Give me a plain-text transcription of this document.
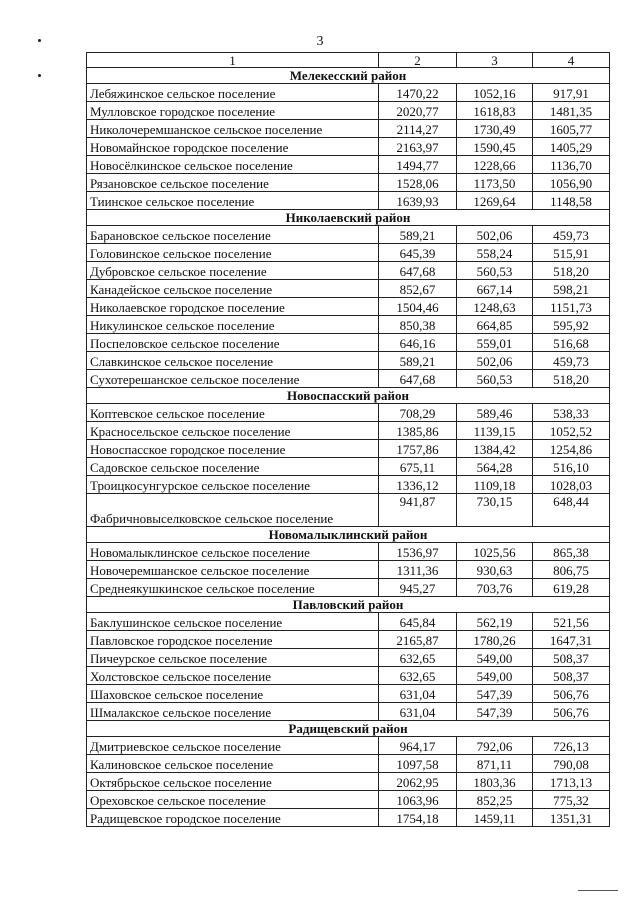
3
1	2	3	4
Мелекесский район			
Лебяжинское сельское поселение	1470,22	1052,16	917,91
Мулловское городское поселение	2020,77	1618,83	1481,35
Николочеремшанское сельское поселение	2114,27	1730,49	1605,77
Новомайнское городское поселение	2163,97	1590,45	1405,29
Новосёлкинское сельское поселение	1494,77	1228,66	1136,70
Рязановское сельское поселение	1528,06	1173,50	1056,90
Тиинское сельское поселение	1639,93	1269,64	1148,58
Николаевский район			
Барановское сельское поселение	589,21	502,06	459,73
Головинское сельское поселение	645,39	558,24	515,91
Дубровское сельское поселение	647,68	560,53	518,20
Канадейское сельское поселение	852,67	667,14	598,21
Николаевское городское поселение	1504,46	1248,63	1151,73
Никулинское сельское поселение	850,38	664,85	595,92
Поспеловское сельское поселение	646,16	559,01	516,68
Славкинское сельское поселение	589,21	502,06	459,73
Сухотерешанское сельское поселение	647,68	560,53	518,20
Новоспасский район			
Коптевское сельское поселение	708,29	589,46	538,33
Красносельское сельское поселение	1385,86	1139,15	1052,52
Новоспасское городское поселение	1757,86	1384,42	1254,86
Садовское сельское поселение	675,11	564,28	516,10
Троицкосунгурское сельское поселение	1336,12	1109,18	1028,03
Фабричновыселковское сельское поселение	941,87	730,15	648,44
Новомалыклинский район			
Новомалыклинское сельское поселение	1536,97	1025,56	865,38
Новочеремшанское сельское поселение	1311,36	930,63	806,75
Среднеякушкинское сельское поселение	945,27	703,76	619,28
Павловский район			
Баклушинское сельское поселение	645,84	562,19	521,56
Павловское городское поселение	2165,87	1780,26	1647,31
Пичеурское сельское поселение	632,65	549,00	508,37
Холстовское сельское поселение	632,65	549,00	508,37
Шаховское сельское поселение	631,04	547,39	506,76
Шмалакское сельское поселение	631,04	547,39	506,76
Радищевский район			
Дмитриевское сельское поселение	964,17	792,06	726,13
Калиновское сельское поселение	1097,58	871,11	790,08
Октябрьское сельское поселение	2062,95	1803,36	1713,13
Ореховское сельское поселение	1063,96	852,25	775,32
Радищевское городское поселение	1754,18	1459,11	1351,31
